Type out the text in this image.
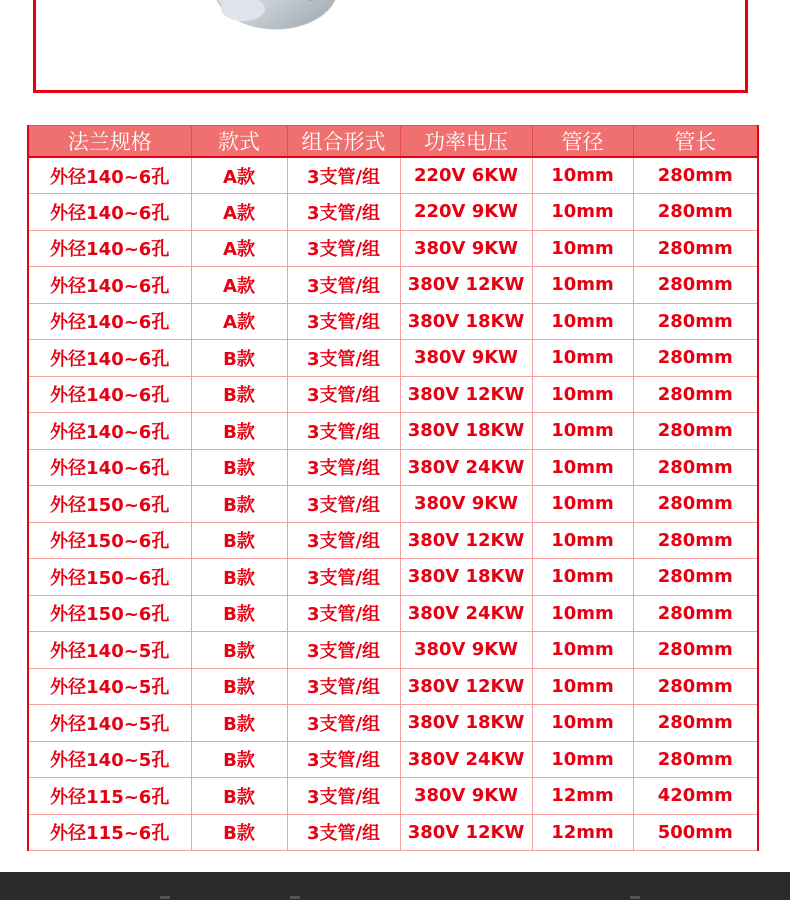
法兰规格	款式	组合形式	功率电压	管径	管长
外径140~6孔	A款	3支管/组	220V 6KW	10mm	280mm
外径140~6孔	A款	3支管/组	220V 9KW	10mm	280mm
外径140~6孔	A款	3支管/组	380V 9KW	10mm	280mm
外径140~6孔	A款	3支管/组	380V 12KW	10mm	280mm
外径140~6孔	A款	3支管/组	380V 18KW	10mm	280mm
外径140~6孔	B款	3支管/组	380V 9KW	10mm	280mm
外径140~6孔	B款	3支管/组	380V 12KW	10mm	280mm
外径140~6孔	B款	3支管/组	380V 18KW	10mm	280mm
外径140~6孔	B款	3支管/组	380V 24KW	10mm	280mm
外径150~6孔	B款	3支管/组	380V 9KW	10mm	280mm
外径150~6孔	B款	3支管/组	380V 12KW	10mm	280mm
外径150~6孔	B款	3支管/组	380V 18KW	10mm	280mm
外径150~6孔	B款	3支管/组	380V 24KW	10mm	280mm
外径140~5孔	B款	3支管/组	380V 9KW	10mm	280mm
外径140~5孔	B款	3支管/组	380V 12KW	10mm	280mm
外径140~5孔	B款	3支管/组	380V 18KW	10mm	280mm
外径140~5孔	B款	3支管/组	380V 24KW	10mm	280mm
外径115~6孔	B款	3支管/组	380V 9KW	12mm	420mm
外径115~6孔	B款	3支管/组	380V 12KW	12mm	500mm
